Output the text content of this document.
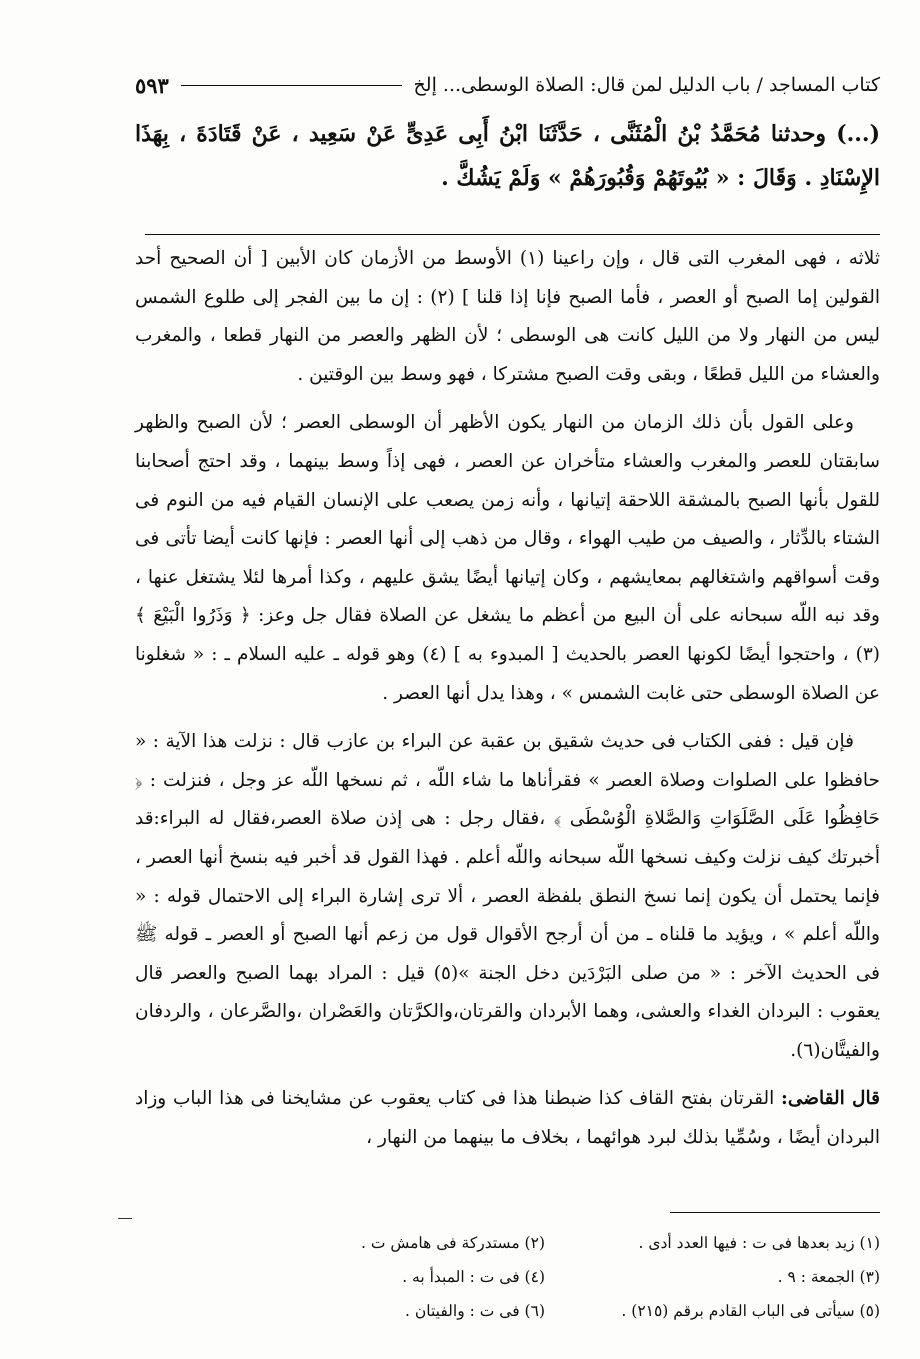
كتاب المساجد / باب الدليل لمن قال: الصلاة الوسطى... إلخ
٥٩٣

(...) وحدثنا مُحَمَّدُ بْنُ الْمُثَنَّى ، حَدَّثَنَا ابْنُ أَبِى عَدِىٍّ عَنْ سَعِيد ، عَنْ قَتَادَةَ ، بِهَذَا الإِسْنَادِ . وَقَالَ : « بُيُوتَهُمْ وَقُبُورَهُمْ » وَلَمْ يَشُكَّ .

ثلاثه ، فهى المغرب التى قال ، وإن راعينا (١) الأوسط من الأزمان كان الأبين [ أن الصحيح أحد القولين إما الصبح أو العصر ، فأما الصبح فإنا إذا قلنا ] (٢) : إن ما بين الفجر إلى طلوع الشمس ليس من النهار ولا من الليل كانت هى الوسطى ؛ لأن الظهر والعصر من النهار قطعا ، والمغرب والعشاء من الليل قطعًا ، وبقى وقت الصبح مشتركا ، فهو وسط بين الوقتين .

وعلى القول بأن ذلك الزمان من النهار يكون الأظهر أن الوسطى العصر ؛ لأن الصبح والظهر سابقتان للعصر والمغرب والعشاء متأخران عن العصر ، فهى إذاً وسط بينهما ، وقد احتج أصحابنا للقول بأنها الصبح بالمشقة اللاحقة إتيانها ، وأنه زمن يصعب على الإنسان القيام فيه من النوم فى الشتاء بالدِّثار ، والصيف من طيب الهواء ، وقال من ذهب إلى أنها العصر : فإنها كانت أيضا تأتى فى وقت أسواقهم واشتغالهم بمعايشهم ، وكان إتيانها أيضًا يشق عليهم ، وكذا أمرها لئلا يشتغل عنها ، وقد نبه اللّه سبحانه على أن البيع من أعظم ما يشغل عن الصلاة فقال جل وعز: ﴿ وَذَرُوا الْبَيْعَ ﴾ (٣) ، واحتجوا أيضًا لكونها العصر بالحديث [ المبدوء به ] (٤) وهو قوله ـ عليه السلام ـ : « شغلونا عن الصلاة الوسطى حتى غابت الشمس » ، وهذا يدل أنها العصر .

فإن قيل : ففى الكتاب فى حديث شقيق بن عقبة عن البراء بن عازب قال : نزلت هذا الآية : « حافظوا على الصلوات وصلاة العصر » فقرأناها ما شاء اللّه ، ثم نسخها اللّه عز وجل ، فنزلت : ﴿ حَافِظُوا عَلَى الصَّلَوَاتِ وَالصَّلاةِ الْوُسْطَى ﴾ ،فقال رجل : هى إذن صلاة العصر،فقال له البراء:قد أخبرتك كيف نزلت وكيف نسخها اللّه سبحانه واللّه أعلم . فهذا القول قد أخبر فيه بنسخ أنها العصر ، فإنما يحتمل أن يكون إنما نسخ النطق بلفظة العصر ، ألا ترى إشارة البراء إلى الاحتمال قوله : « واللّه أعلم » ، ويؤيد ما قلناه ـ من أن أرجح الأقوال قول من زعم أنها الصبح أو العصر ـ قوله ﷺ فى الحديث الآخر : « من صلى البَرْدَين دخل الجنة »(٥) قيل : المراد بهما الصبح والعصر قال يعقوب : البردان الغداء والعشى، وهما الأبردان والقرتان،والكرَّتان والعَصْران ،والصَّرعان ، والردفان والفيتَّان(٦).

قال القاضى: القرتان بفتح القاف كذا ضبطنا هذا فى كتاب يعقوب عن مشايخنا فى هذا الباب وزاد البردان أيضًا ، وسُمِّيا بذلك لبرد هوائهما ، بخلاف ما بينهما من النهار ،

(١) زيد بعدها فى ت : فيها العدد أدى .
(٢) مستدركة فى هامش ت .
(٣) الجمعة : ٩ .
(٤) فى ت : المبدأ به .
(٥) سيأتى فى الباب القادم برقم (٢١٥) .
(٦) فى ت : والفيتان .
